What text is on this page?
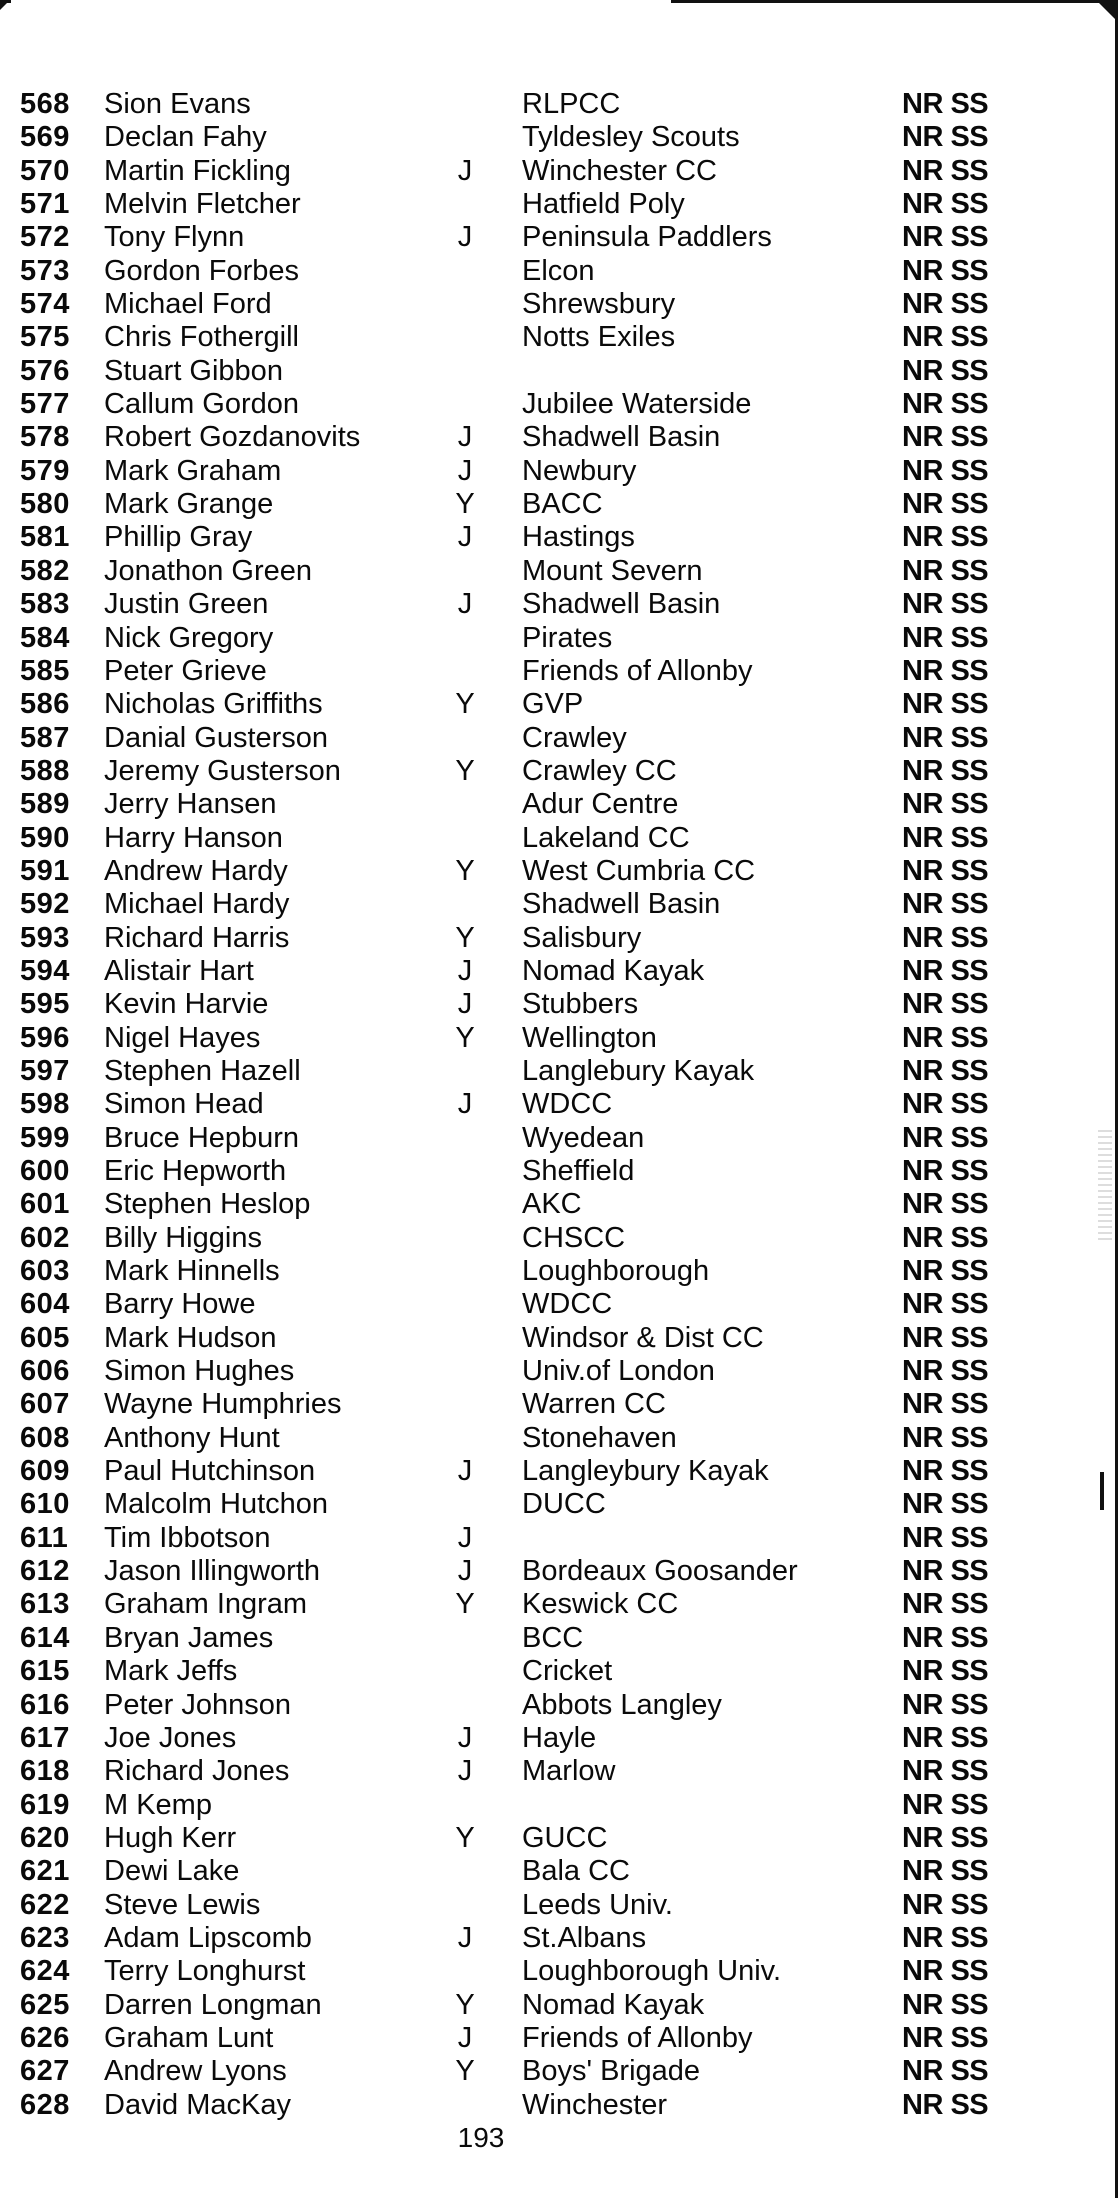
568	Sion Evans	RLPCC	NR SS
569	Declan Fahy	Tyldesley Scouts	NR SS
570	Martin Fickling	J Winchester CC	NR SS
571	Melvin Fletcher	Hatfield Poly	NR SS
572	Tony Flynn	J Peninsula Paddlers	NR SS
573	Gordon Forbes	Elcon	NR SS
574	Michael Ford	Shrewsbury	NR SS
575	Chris Fothergill	Notts Exiles	NR SS
576	Stuart Gibbon	NR SS
577	Callum Gordon	Jubilee Waterside	NR SS
578	Robert Gozdanovits	J Shadwell Basin	NR SS
579	Mark Graham	J Newbury	NR SS
580	Mark Grange	Y BACC	NR SS
581	Phillip Gray	J Hastings	NR SS
582	Jonathon Green	Mount Severn	NR SS
583	Justin Green	J Shadwell Basin	NR SS
584	Nick Gregory	Pirates	NR SS
585	Peter Grieve	Friends of Allonby	NR SS
586	Nicholas Griffiths	Y GVP	NR SS
587	Danial Gusterson	Crawley	NR SS
588	Jeremy Gusterson	Y Crawley CC	NR SS
589	Jerry Hansen	Adur Centre	NR SS
590	Harry Hanson	Lakeland CC	NR SS
591	Andrew Hardy	Y West Cumbria CC	NR SS
592	Michael Hardy	Shadwell Basin	NR SS
593	Richard Harris	Y Salisbury	NR SS
594	Alistair Hart	J Nomad Kayak	NR SS
595	Kevin Harvie	J Stubbers	NR SS
596	Nigel Hayes	Y Wellington	NR SS
597	Stephen Hazell	Langlebury Kayak	NR SS
598	Simon Head	J WDCC	NR SS
599	Bruce Hepburn	Wyedean	NR SS
600	Eric Hepworth	Sheffield	NR SS
601	Stephen Heslop	AKC	NR SS
602	Billy Higgins	CHSCC	NR SS
603	Mark Hinnells	Loughborough	NR SS
604	Barry Howe	WDCC	NR SS
605	Mark Hudson	Windsor & Dist CC	NR SS
606	Simon Hughes	Univ.of London	NR SS
607	Wayne Humphries	Warren CC	NR SS
608	Anthony Hunt	Stonehaven	NR SS
609	Paul Hutchinson	J Langleybury Kayak	NR SS
610	Malcolm Hutchon	DUCC	NR SS
611	Tim Ibbotson	J	NR SS
612	Jason Illingworth	J Bordeaux Goosander	NR SS
613	Graham Ingram	Y Keswick CC	NR SS
614	Bryan James	BCC	NR SS
615	Mark Jeffs	Cricket	NR SS
616	Peter Johnson	Abbots Langley	NR SS
617	Joe Jones	J Hayle	NR SS
618	Richard Jones	J Marlow	NR SS
619	M Kemp	NR SS
620	Hugh Kerr	Y GUCC	NR SS
621	Dewi Lake	Bala CC	NR SS
622	Steve Lewis	Leeds Univ.	NR SS
623	Adam Lipscomb	J St.Albans	NR SS
624	Terry Longhurst	Loughborough Univ.	NR SS
625	Darren Longman	Y Nomad Kayak	NR SS
626	Graham Lunt	J Friends of Allonby	NR SS
627	Andrew Lyons	Y Boys' Brigade	NR SS
628	David MacKay	Winchester	NR SS
193
